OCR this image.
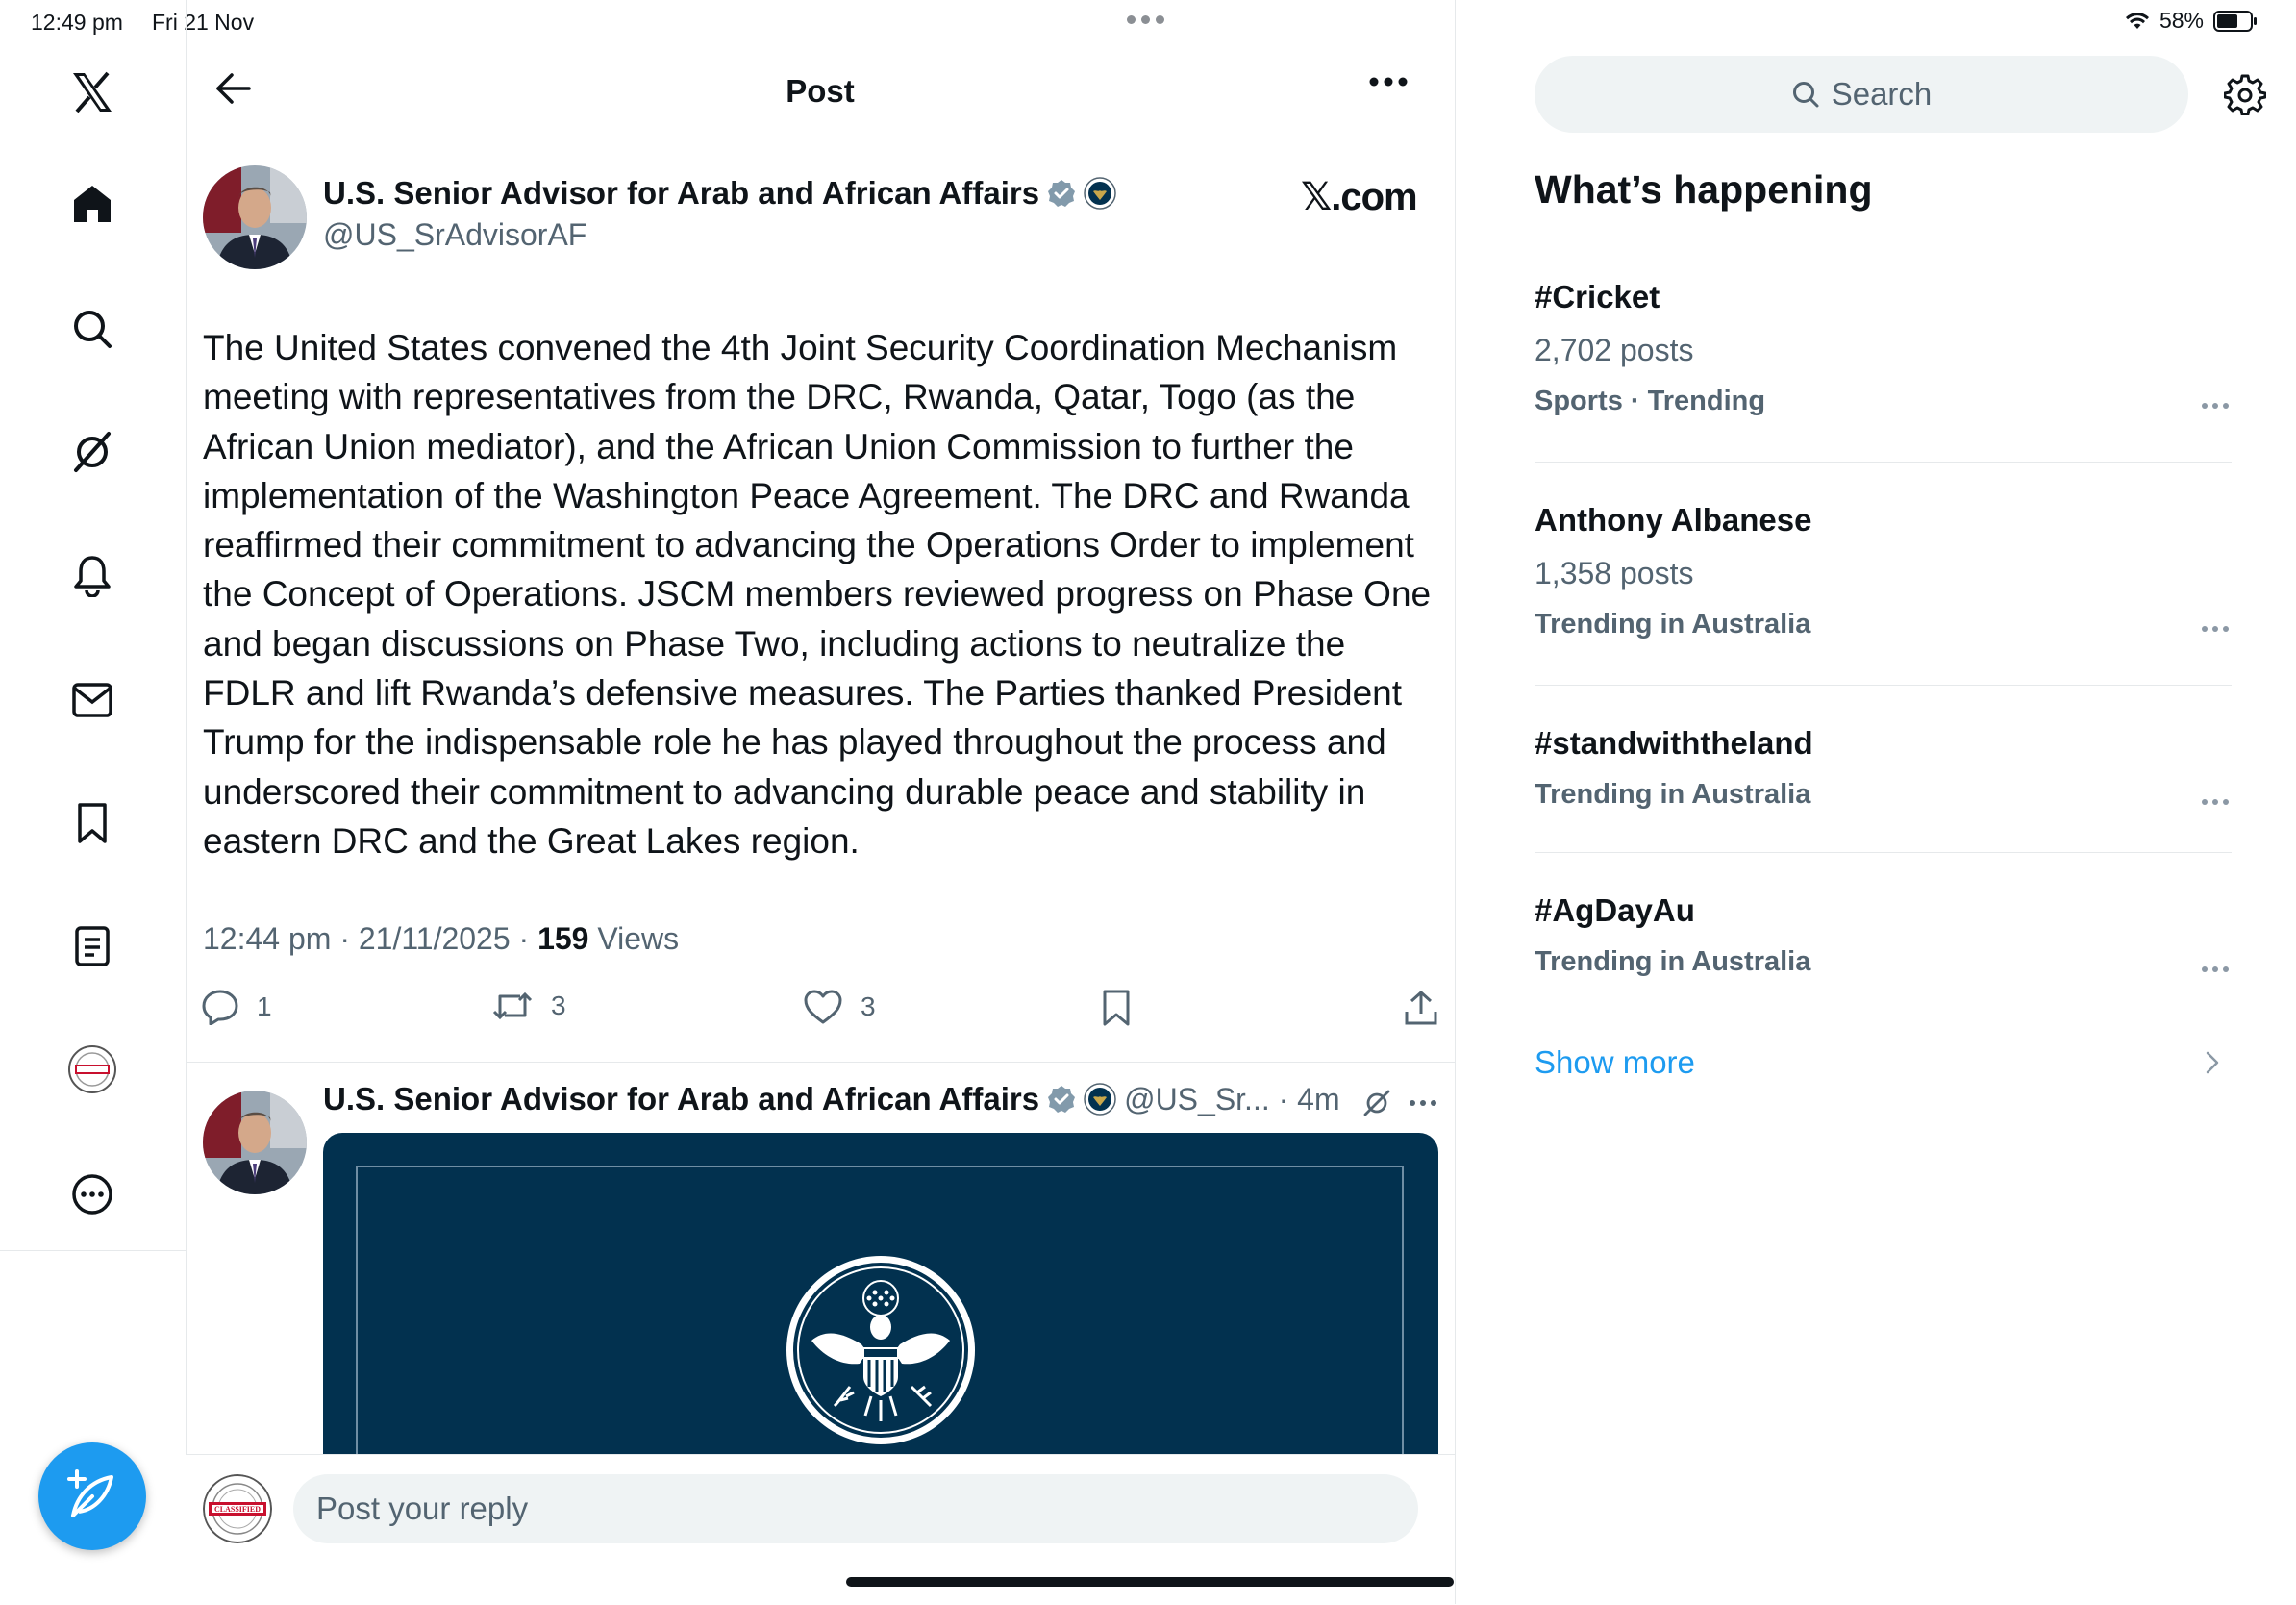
12:49 pm Fri 21 Nov	58%
Post
U.S. Senior Advisor for Arab and African Affairs
@US_SrAdvisorAF
𝕏.com
The United States convened the 4th Joint Security Coordination Mechanism meeting with representatives from the DRC, Rwanda, Qatar, Togo (as the African Union mediator), and the African Union Commission to further the implementation of the Washington Peace Agreement. The DRC and Rwanda reaffirmed their commitment to advancing the Operations Order to implement the Concept of Operations. JSCM members reviewed progress on Phase One and began discussions on Phase Two, including actions to neutralize the FDLR and lift Rwanda’s defensive measures. The Parties thanked President Trump for the indispensable role he has played throughout the process and underscored their commitment to advancing durable peace and stability in eastern DRC and the Great Lakes region.
12:44 pm · 21/11/2025 · 159 Views
1	3	3
U.S. Senior Advisor for Arab and African Affairs	@US_Sr... · 4m
CLASSIFIED
Post your reply
Search
What’s happening
#Cricket
2,702 posts
Sports · Trending
Anthony Albanese
1,358 posts
Trending in Australia
#standwiththeland
Trending in Australia
#AgDayAu
Trending in Australia
Show more
